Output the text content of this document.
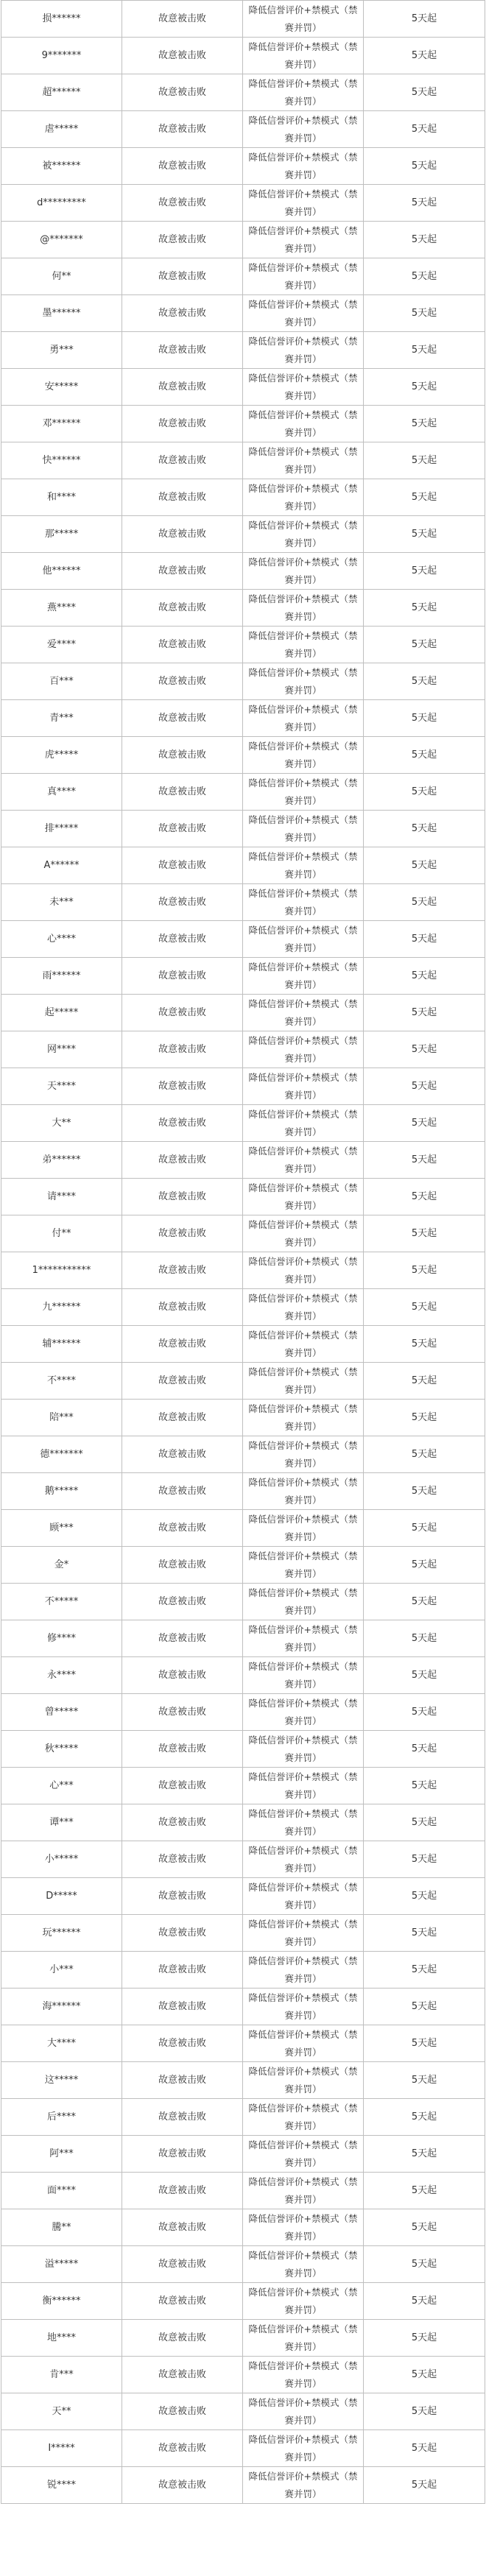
损******	故意被击败	降低信誉评价+禁模式（禁赛并罚）	5天起
9*******	故意被击败	降低信誉评价+禁模式（禁赛并罚）	5天起
超******	故意被击败	降低信誉评价+禁模式（禁赛并罚）	5天起
虐*****	故意被击败	降低信誉评价+禁模式（禁赛并罚）	5天起
被******	故意被击败	降低信誉评价+禁模式（禁赛并罚）	5天起
d*********	故意被击败	降低信誉评价+禁模式（禁赛并罚）	5天起
@*******	故意被击败	降低信誉评价+禁模式（禁赛并罚）	5天起
何**	故意被击败	降低信誉评价+禁模式（禁赛并罚）	5天起
墨******	故意被击败	降低信誉评价+禁模式（禁赛并罚）	5天起
勇***	故意被击败	降低信誉评价+禁模式（禁赛并罚）	5天起
安*****	故意被击败	降低信誉评价+禁模式（禁赛并罚）	5天起
邓******	故意被击败	降低信誉评价+禁模式（禁赛并罚）	5天起
快******	故意被击败	降低信誉评价+禁模式（禁赛并罚）	5天起
和****	故意被击败	降低信誉评价+禁模式（禁赛并罚）	5天起
那*****	故意被击败	降低信誉评价+禁模式（禁赛并罚）	5天起
他******	故意被击败	降低信誉评价+禁模式（禁赛并罚）	5天起
燕****	故意被击败	降低信誉评价+禁模式（禁赛并罚）	5天起
爱****	故意被击败	降低信誉评价+禁模式（禁赛并罚）	5天起
百***	故意被击败	降低信誉评价+禁模式（禁赛并罚）	5天起
青***	故意被击败	降低信誉评价+禁模式（禁赛并罚）	5天起
虎*****	故意被击败	降低信誉评价+禁模式（禁赛并罚）	5天起
真****	故意被击败	降低信誉评价+禁模式（禁赛并罚）	5天起
排*****	故意被击败	降低信誉评价+禁模式（禁赛并罚）	5天起
A******	故意被击败	降低信誉评价+禁模式（禁赛并罚）	5天起
未***	故意被击败	降低信誉评价+禁模式（禁赛并罚）	5天起
心****	故意被击败	降低信誉评价+禁模式（禁赛并罚）	5天起
雨******	故意被击败	降低信誉评价+禁模式（禁赛并罚）	5天起
起*****	故意被击败	降低信誉评价+禁模式（禁赛并罚）	5天起
网****	故意被击败	降低信誉评价+禁模式（禁赛并罚）	5天起
天****	故意被击败	降低信誉评价+禁模式（禁赛并罚）	5天起
大**	故意被击败	降低信誉评价+禁模式（禁赛并罚）	5天起
弟******	故意被击败	降低信誉评价+禁模式（禁赛并罚）	5天起
请****	故意被击败	降低信誉评价+禁模式（禁赛并罚）	5天起
付**	故意被击败	降低信誉评价+禁模式（禁赛并罚）	5天起
1***********	故意被击败	降低信誉评价+禁模式（禁赛并罚）	5天起
九******	故意被击败	降低信誉评价+禁模式（禁赛并罚）	5天起
辅******	故意被击败	降低信誉评价+禁模式（禁赛并罚）	5天起
不****	故意被击败	降低信誉评价+禁模式（禁赛并罚）	5天起
陪***	故意被击败	降低信誉评价+禁模式（禁赛并罚）	5天起
德*******	故意被击败	降低信誉评价+禁模式（禁赛并罚）	5天起
鹅*****	故意被击败	降低信誉评价+禁模式（禁赛并罚）	5天起
顾***	故意被击败	降低信誉评价+禁模式（禁赛并罚）	5天起
金*	故意被击败	降低信誉评价+禁模式（禁赛并罚）	5天起
不*****	故意被击败	降低信誉评价+禁模式（禁赛并罚）	5天起
修****	故意被击败	降低信誉评价+禁模式（禁赛并罚）	5天起
永****	故意被击败	降低信誉评价+禁模式（禁赛并罚）	5天起
曾*****	故意被击败	降低信誉评价+禁模式（禁赛并罚）	5天起
秋*****	故意被击败	降低信誉评价+禁模式（禁赛并罚）	5天起
心***	故意被击败	降低信誉评价+禁模式（禁赛并罚）	5天起
谭***	故意被击败	降低信誉评价+禁模式（禁赛并罚）	5天起
小*****	故意被击败	降低信誉评价+禁模式（禁赛并罚）	5天起
D*****	故意被击败	降低信誉评价+禁模式（禁赛并罚）	5天起
玩******	故意被击败	降低信誉评价+禁模式（禁赛并罚）	5天起
小***	故意被击败	降低信誉评价+禁模式（禁赛并罚）	5天起
海******	故意被击败	降低信誉评价+禁模式（禁赛并罚）	5天起
大****	故意被击败	降低信誉评价+禁模式（禁赛并罚）	5天起
这*****	故意被击败	降低信誉评价+禁模式（禁赛并罚）	5天起
后****	故意被击败	降低信誉评价+禁模式（禁赛并罚）	5天起
阿***	故意被击败	降低信誉评价+禁模式（禁赛并罚）	5天起
面****	故意被击败	降低信誉评价+禁模式（禁赛并罚）	5天起
騰**	故意被击败	降低信誉评价+禁模式（禁赛并罚）	5天起
溢*****	故意被击败	降低信誉评价+禁模式（禁赛并罚）	5天起
衡******	故意被击败	降低信誉评价+禁模式（禁赛并罚）	5天起
地****	故意被击败	降低信誉评价+禁模式（禁赛并罚）	5天起
肯***	故意被击败	降低信誉评价+禁模式（禁赛并罚）	5天起
天**	故意被击败	降低信誉评价+禁模式（禁赛并罚）	5天起
I*****	故意被击败	降低信誉评价+禁模式（禁赛并罚）	5天起
锐****	故意被击败	降低信誉评价+禁模式（禁赛并罚）	5天起
